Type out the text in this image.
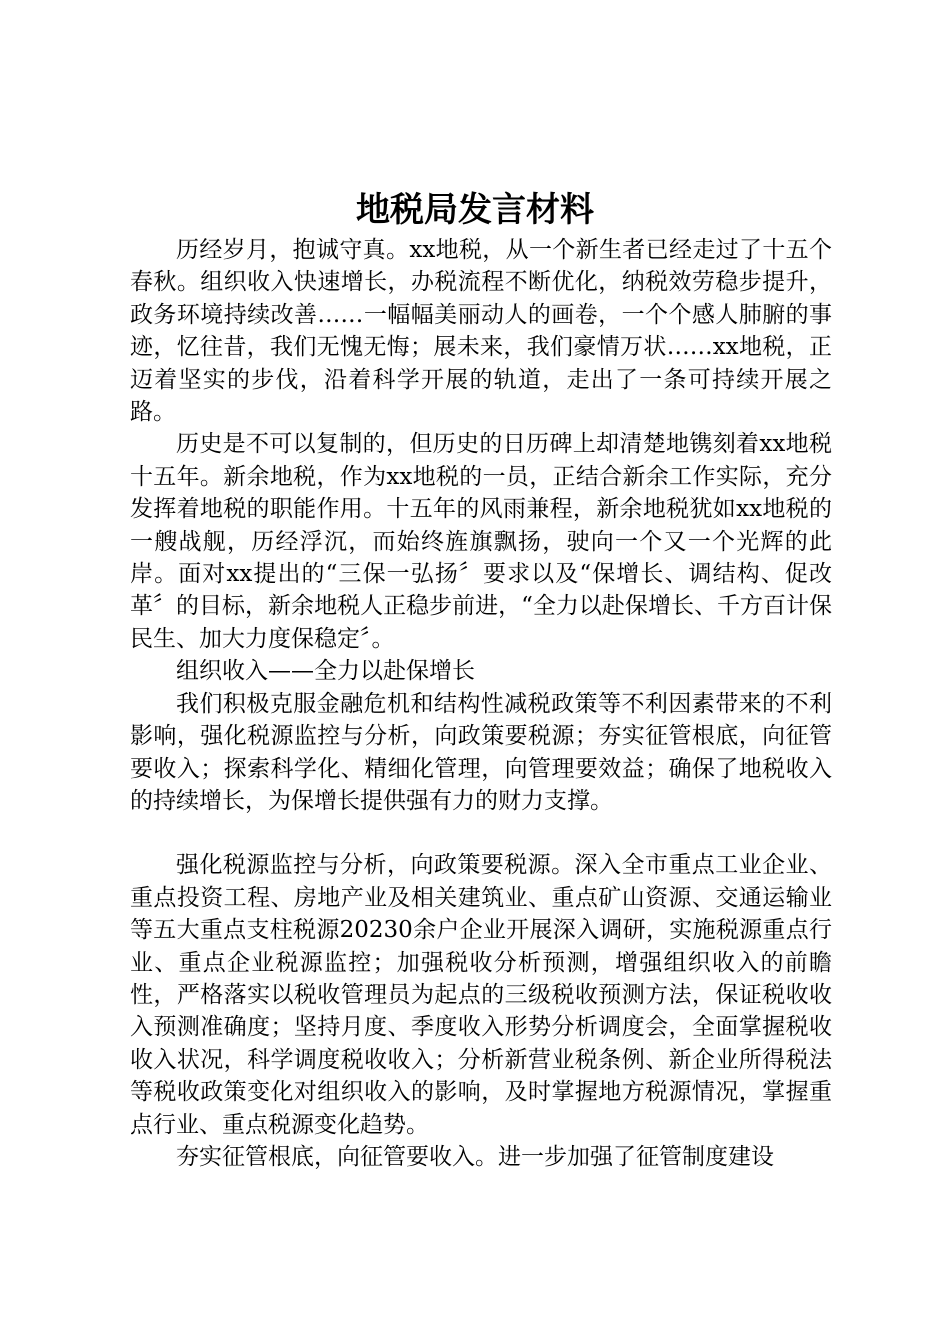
地税局发言材料

历经岁月，抱诚守真。xx地税，从一个新生者已经走过了十五个春秋。组织收入快速增长，办税流程不断优化，纳税效劳稳步提升，政务环境持续改善……一幅幅美丽动人的画卷，一个个感人肺腑的事迹，忆往昔，我们无愧无悔；展未来，我们豪情万状……xx地税，正迈着坚实的步伐，沿着科学开展的轨道，走出了一条可持续开展之路。

历史是不可以复制的，但历史的日历碑上却清楚地镌刻着xx地税十五年。新余地税，作为xx地税的一员，正结合新余工作实际，充分发挥着地税的职能作用。十五年的风雨兼程，新余地税犹如xx地税的一艘战舰，历经浮沉，而始终旌旗飘扬，驶向一个又一个光辉的此岸。面对xx提出的“三保一弘扬〞要求以及“保增长、调结构、促改革〞的目标，新余地税人正稳步前进，“全力以赴保增长、千方百计保民生、加大力度保稳定〞。

组织收入——全力以赴保增长

我们积极克服金融危机和结构性减税政策等不利因素带来的不利影响，强化税源监控与分析，向政策要税源；夯实征管根底，向征管要收入；探索科学化、精细化管理，向管理要效益；确保了地税收入的持续增长，为保增长提供强有力的财力支撑。

强化税源监控与分析，向政策要税源。深入全市重点工业企业、重点投资工程、房地产业及相关建筑业、重点矿山资源、交通运输业等五大重点支柱税源20230余户企业开展深入调研，实施税源重点行业、重点企业税源监控；加强税收分析预测，增强组织收入的前瞻性，严格落实以税收管理员为起点的三级税收预测方法，保证税收收入预测准确度；坚持月度、季度收入形势分析调度会，全面掌握税收收入状况，科学调度税收收入；分析新营业税条例、新企业所得税法等税收政策变化对组织收入的影响，及时掌握地方税源情况，掌握重点行业、重点税源变化趋势。

夯实征管根底，向征管要收入。进一步加强了征管制度建设
